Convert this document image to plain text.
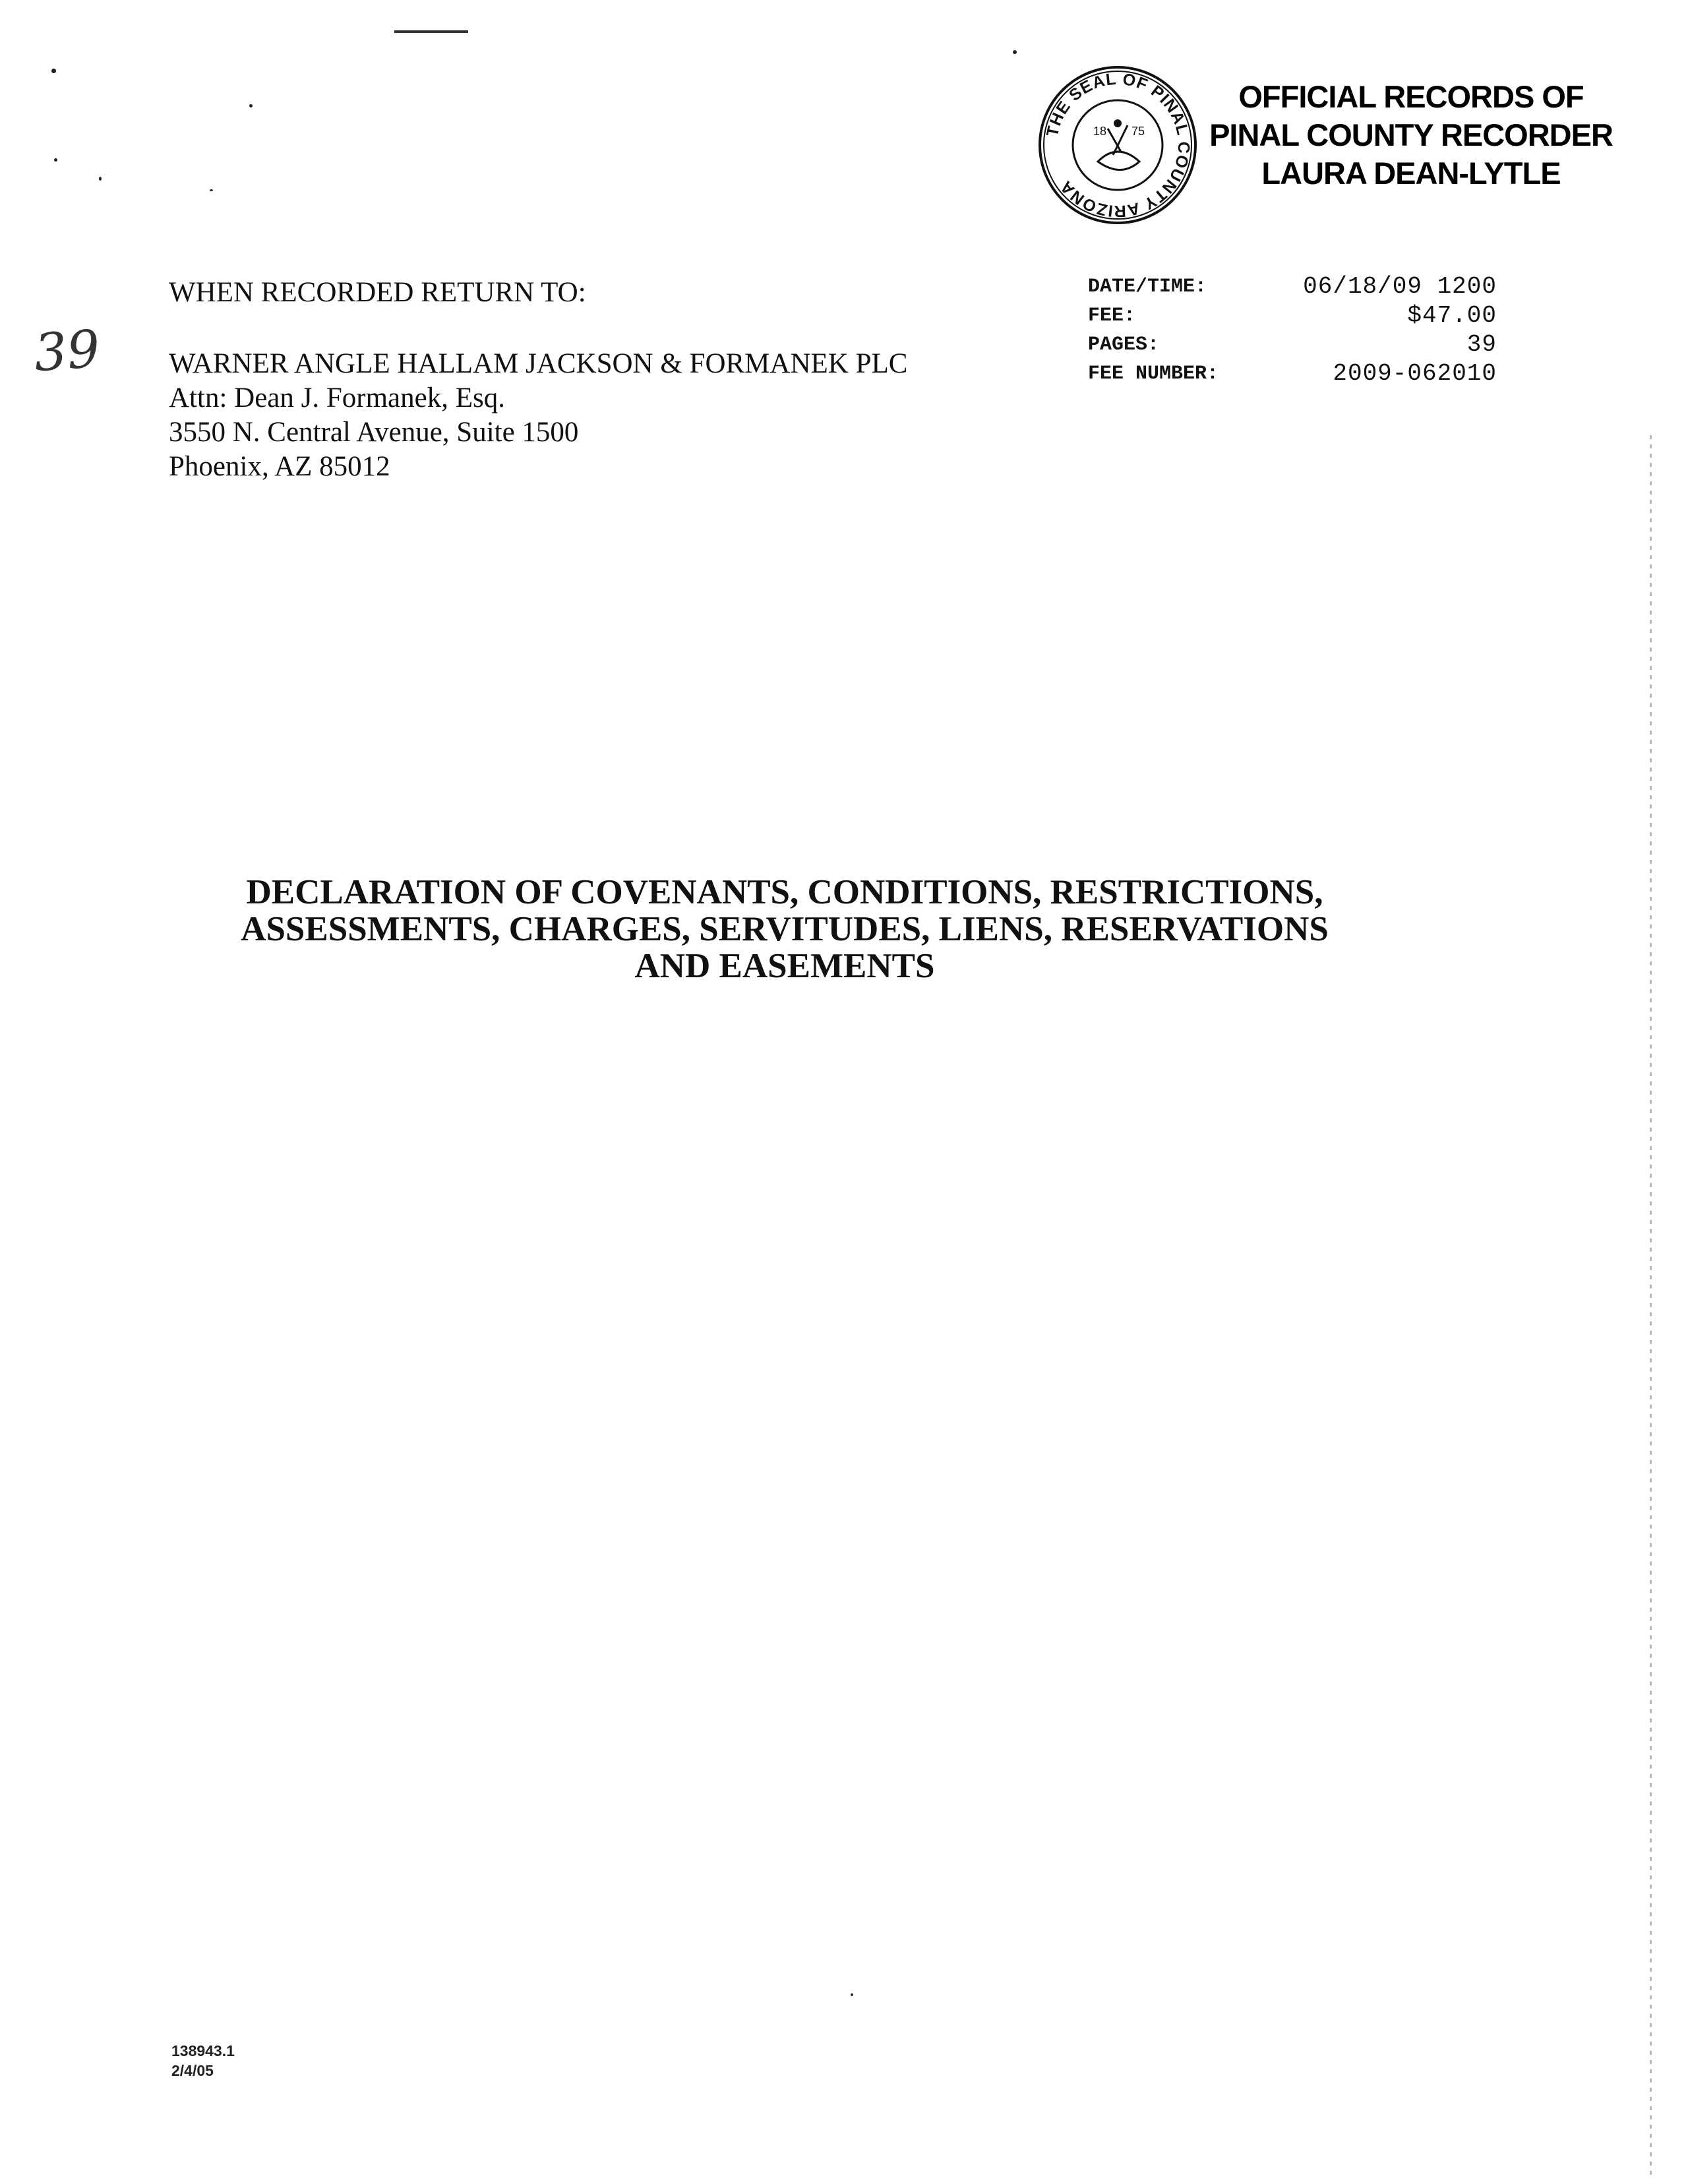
THE SEAL OF PINAL COUNTY ARIZONA
18 75
OFFICIAL RECORDS OF
PINAL COUNTY RECORDER
LAURA DEAN-LYTLE
39
WHEN RECORDED RETURN TO:
WARNER ANGLE HALLAM JACKSON & FORMANEK PLC
Attn: Dean J. Formanek, Esq.
3550 N. Central Avenue, Suite 1500
Phoenix, AZ 85012
DATE/TIME:	06/18/09 1200
FEE:	$47.00
PAGES:	39
FEE NUMBER:	2009-062010
DECLARATION OF COVENANTS, CONDITIONS, RESTRICTIONS,
ASSESSMENTS, CHARGES, SERVITUDES, LIENS, RESERVATIONS
AND EASEMENTS
138943.1
2/4/05
